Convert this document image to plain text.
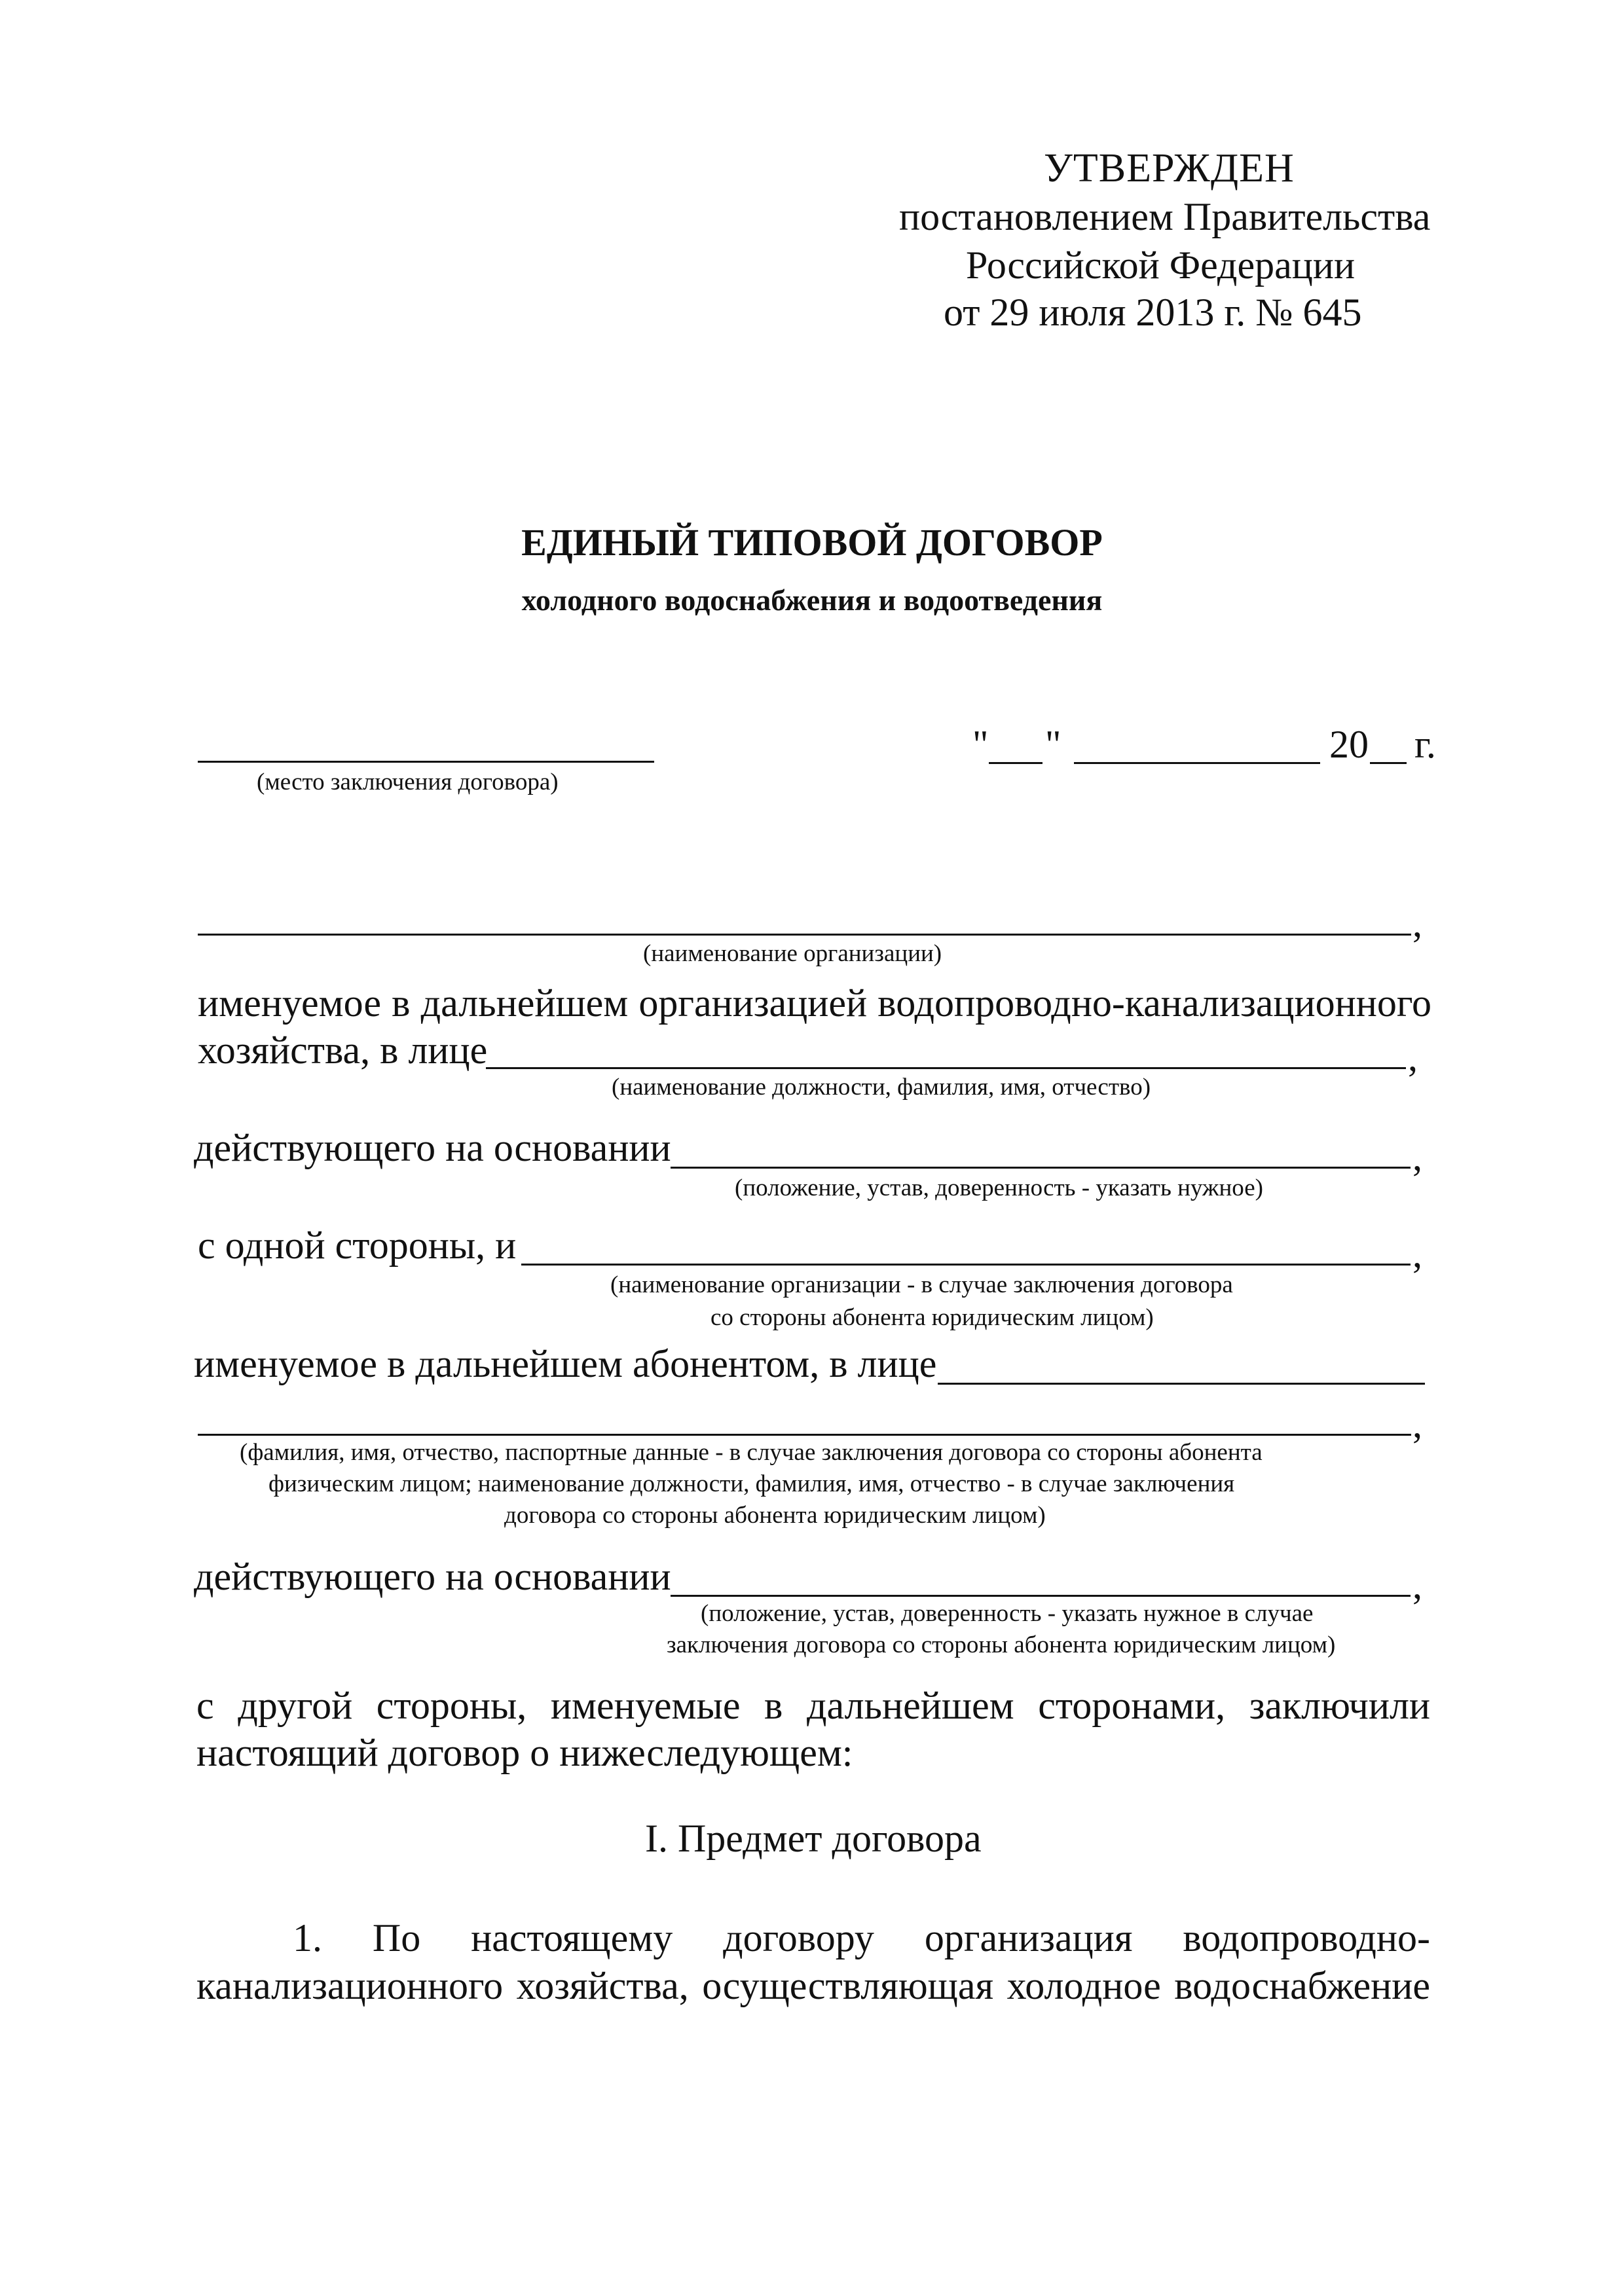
УТВЕРЖДЕН
постановлением Правительства
Российской Федерации
от 29 июля 2013 г. № 645
ЕДИНЫЙ ТИПОВОЙ ДОГОВОР
холодного водоснабжения и водоотведения
(место заключения договора)
" "	20 г.
,
(наименование организации)
именуемое в дальнейшем организацией водопроводно-канализационного
хозяйства, в лице	,
(наименование должности, фамилия, имя, отчество)
действующего на основании	,
(положение, устав, доверенность - указать нужное)
с одной стороны, и	,
(наименование организации - в случае заключения договора
со стороны абонента юридическим лицом)
именуемое в дальнейшем абонентом, в лице
,
(фамилия, имя, отчество, паспортные данные - в случае заключения договора со стороны абонента
физическим лицом; наименование должности, фамилия, имя, отчество - в случае заключения
договора со стороны абонента юридическим лицом)
действующего на основании	,
(положение, устав, доверенность - указать нужное в случае
заключения договора со стороны абонента юридическим лицом)
с другой стороны, именуемые в дальнейшем сторонами, заключили
настоящий договор о нижеследующем:
I. Предмет договора
1. По настоящему договору организация водопроводно-
канализационного хозяйства, осуществляющая холодное водоснабжение
